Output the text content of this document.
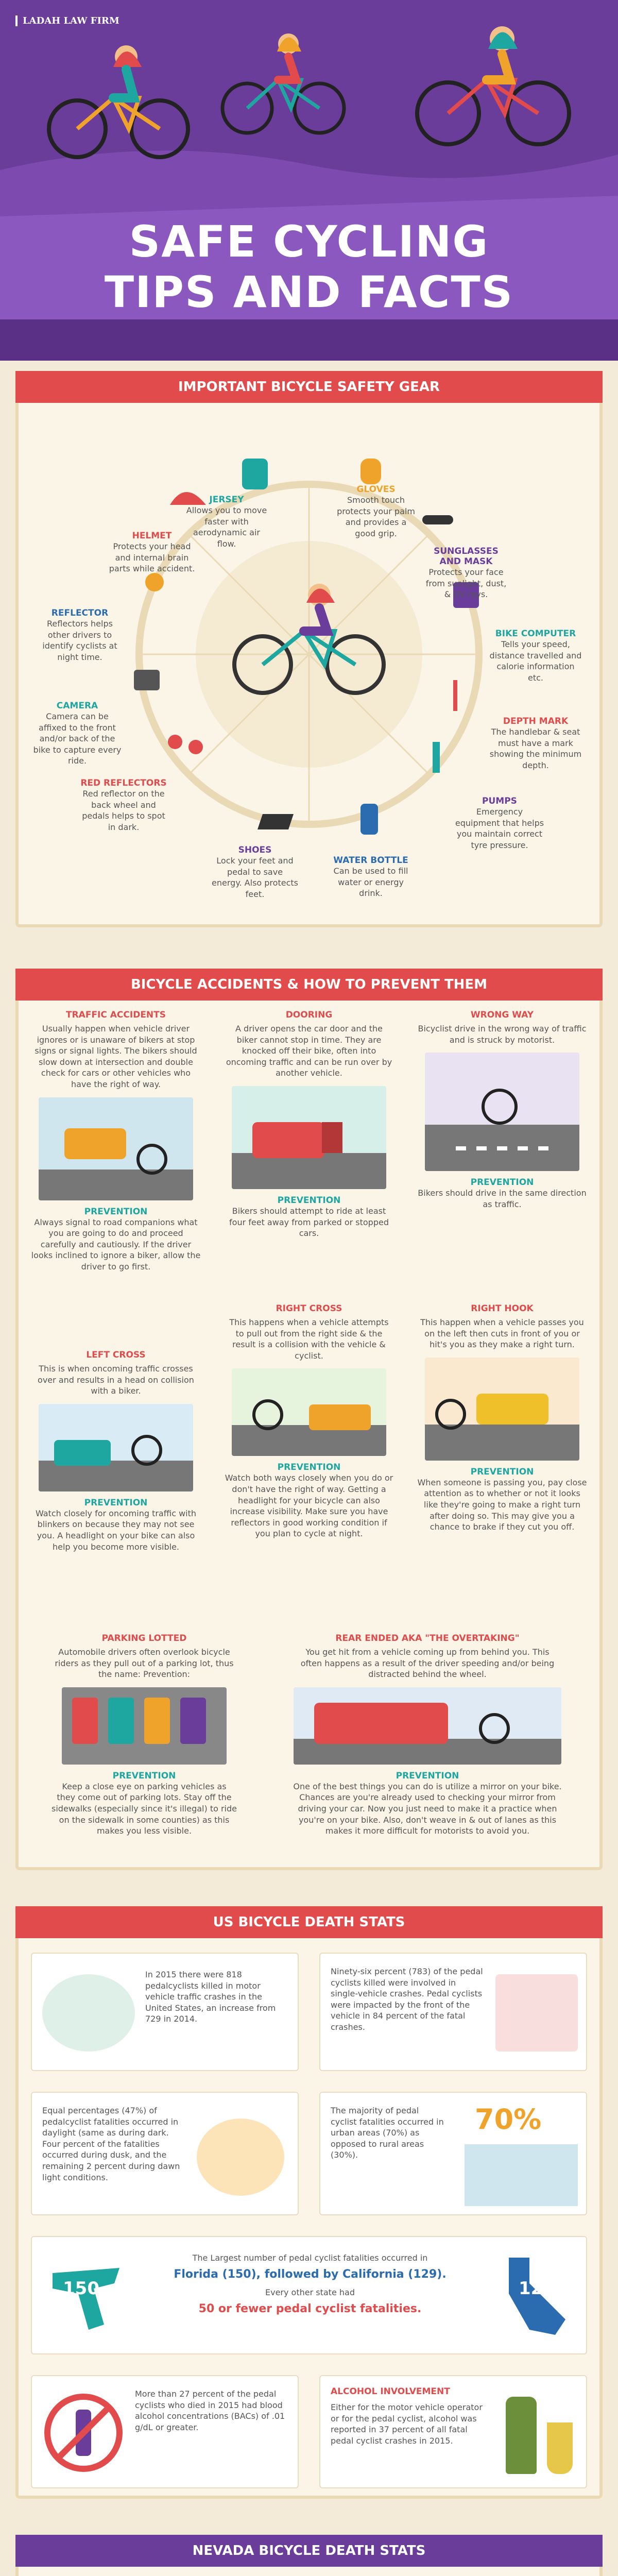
LADAH LAW FIRM
SAFE CYCLING
TIPS AND FACTS
IMPORTANT BICYCLE SAFETY GEAR
JERSEY
Allows you to move faster with aerodynamic air flow.
GLOVES
Smooth touch protects your palm and provides a good grip.
HELMET
Protects your head and internal brain parts while accident.
SUNGLASSES AND MASK
Protects your face from sunlight, dust, & UV rays.
REFLECTOR
Reflectors helps other drivers to identify cyclists at night time.
BIKE COMPUTER
Tells your speed, distance travelled and calorie information etc.
CAMERA
Camera can be affixed to the front and/or back of the bike to capture every ride.
DEPTH MARK
The handlebar & seat must have a mark showing the minimum depth.
RED REFLECTORS
Red reflector on the back wheel and pedals helps to spot in dark.
PUMPS
Emergency equipment that helps you maintain correct tyre pressure.
SHOES
Lock your feet and pedal to save energy. Also protects feet.
WATER BOTTLE
Can be used to fill water or energy drink.
BICYCLE ACCIDENTS & HOW TO PREVENT THEM
TRAFFIC ACCIDENTS
Usually happen when vehicle driver ignores or is unaware of bikers at stop signs or signal lights. The bikers should slow down at intersection and double check for cars or other vehicles who have the right of way.
PREVENTION
Always signal to road companions what you are going to do and proceed carefully and cautiously. If the driver looks inclined to ignore a biker, allow the driver to go first.
DOORING
A driver opens the car door and the biker cannot stop in time. They are knocked off their bike, often into oncoming traffic and can be run over by another vehicle.
PREVENTION
Bikers should attempt to ride at least four feet away from parked or stopped cars.
WRONG WAY
Bicyclist drive in the wrong way of traffic and is struck by motorist.
PREVENTION
Bikers should drive in the same direction as traffic.
LEFT CROSS
This is when oncoming traffic crosses over and results in a head on collision with a biker.
PREVENTION
Watch closely for oncoming traffic with blinkers on because they may not see you. A headlight on your bike can also help you become more visible.
RIGHT CROSS
This happens when a vehicle attempts to pull out from the right side & the result is a collision with the vehicle & cyclist.
PREVENTION
Watch both ways closely when you do or don't have the right of way. Getting a headlight for your bicycle can also increase visibility. Make sure you have reflectors in good working condition if you plan to cycle at night.
RIGHT HOOK
This happen when a vehicle passes you on the left then cuts in front of you or hit's you as they make a right turn.
PREVENTION
When someone is passing you, pay close attention as to whether or not it looks like they're going to make a right turn after doing so. This may give you a chance to brake if they cut you off.
PARKING LOTTED
Automobile drivers often overlook bicycle riders as they pull out of a parking lot, thus the name: Prevention:
PREVENTION
Keep a close eye on parking vehicles as they come out of parking lots. Stay off the sidewalks (especially since it's illegal) to ride on the sidewalk in some counties) as this makes you less visible.
REAR ENDED AKA "THE OVERTAKING"
You get hit from a vehicle coming up from behind you. This often happens as a result of the driver speeding and/or being distracted behind the wheel.
PREVENTION
One of the best things you can do is utilize a mirror on your bike. Chances are you're already used to checking your mirror from driving your car. Now you just need to make it a practice when you're on your bike. Also, don't weave in & out of lanes as this makes it more difficult for motorists to avoid you.
US BICYCLE DEATH STATS
In 2015 there were 818 pedalcyclists killed in motor vehicle traffic crashes in the United States, an increase from 729 in 2014.
Ninety-six percent (783) of the pedal cyclists killed were involved in single-vehicle crashes. Pedal cyclists were impacted by the front of the vehicle in 84 percent of the fatal crashes.
Equal percentages (47%) of pedalcyclist fatalities occurred in daylight (same as during dark. Four percent of the fatalities occurred during dusk, and the remaining 2 percent during dawn light conditions.
The majority of pedal cyclist fatalities occurred in urban areas (70%) as opposed to rural areas (30%).
70%
150	129
The Largest number of pedal cyclist fatalities occurred in
Florida (150), followed by California (129).
Every other state had
50 or fewer pedal cyclist fatalities.
More than 27 percent of the pedal cyclists who died in 2015 had blood alcohol concentrations (BACs) of .01 g/dL or greater.
ALCOHOL INVOLVEMENT
Either for the motor vehicle operator or for the pedal cyclist, alcohol was reported in 37 percent of all fatal pedal cyclist crashes in 2015.
NEVADA BICYCLE DEATH STATS
